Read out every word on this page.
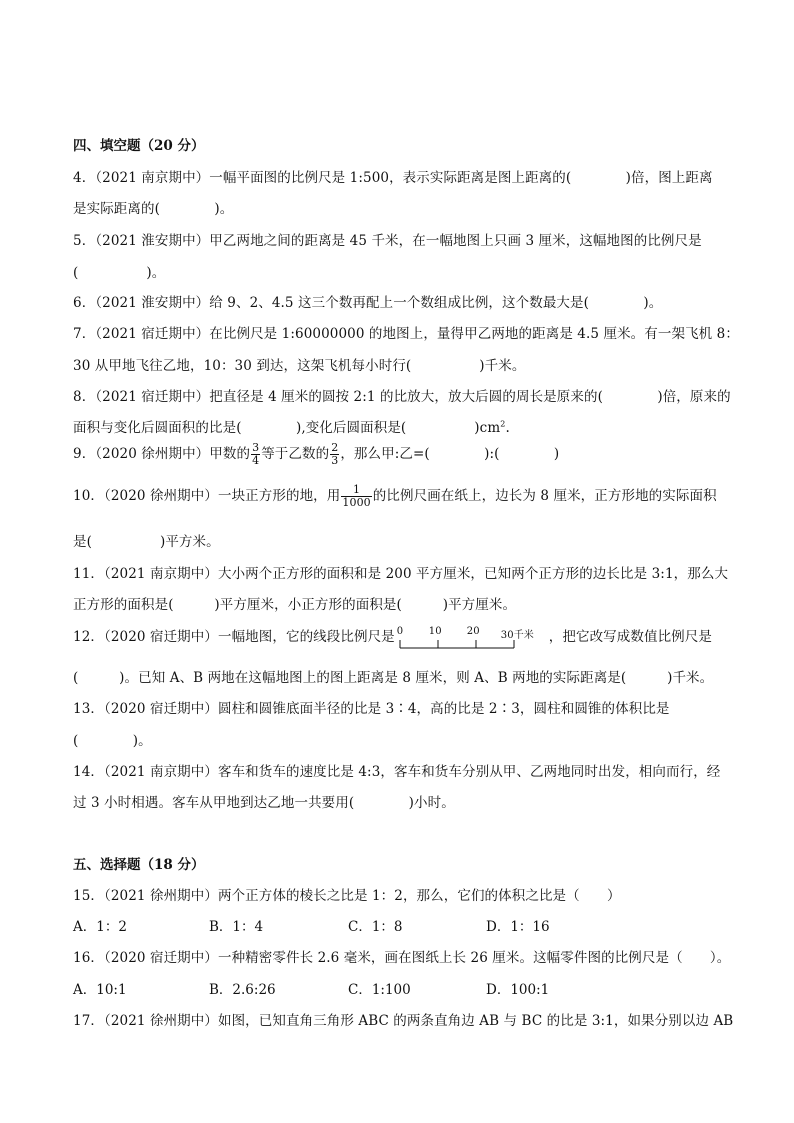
四、填空题（20 分）
4．（2021 南京期中）一幅平面图的比例尺是 1:500，表示实际距离是图上距离的(　　　　)倍，图上距离
是实际距离的(　　　　)。
5．（2021 淮安期中）甲乙两地之间的距离是 45 千米，在一幅地图上只画 3 厘米，这幅地图的比例尺是
(　　　　　)。
6．（2021 淮安期中）给 9、2、4.5 这三个数再配上一个数组成比例，这个数最大是(　　　　)。
7．（2021 宿迁期中）在比例尺是 1:60000000 的地图上，量得甲乙两地的距离是 4.5 厘米。有一架飞机 8：
30 从甲地飞往乙地，10：30 到达，这架飞机每小时行(　　　　　)千米。
8．（2021 宿迁期中）把直径是 4 厘米的圆按 2:1 的比放大，放大后圆的周长是原来的(　　　　)倍，原来的
面积与变化后圆面积的比是(　　　　),变化后圆面积是(　　　　　)$cm^2$.
9．（2020 徐州期中）甲数的 $\frac{3}{4}$ 等于乙数的 $\frac{2}{3}$ ，那么甲:乙=(　　　　):(　　　　)
10．（2020 徐州期中）一块正方形的地，用 $\frac{1}{1000}$ 的比例尺画在纸上，边长为 8 厘米，正方形地的实际面积
是(　　　　　)平方米。
11．（2021 南京期中）大小两个正方形的面积和是 200 平方厘米，已知两个正方形的边长比是 3:1，那么大
正方形的面积是(　　　)平方厘米，小正方形的面积是(　　　)平方厘米。
12．（2020 宿迁期中）一幅地图，它的线段比例尺是 0	10	20 30千米 ，把它改写成数值比例尺是
(　　　)。已知 A、B 两地在这幅地图上的图上距离是 8 厘米，则 A、B 两地的实际距离是(　　　)千米。
13．（2020 宿迁期中）圆柱和圆锥底面半径的比是 3∶4，高的比是 2∶3，圆柱和圆锥的体积比是
(　　　　)。
14．（2021 南京期中）客车和货车的速度比是 4:3，客车和货车分别从甲、乙两地同时出发，相向而行，经
过 3 小时相遇。客车从甲地到达乙地一共要用(　　　　)小时。
五、选择题（18 分）
15．（2021 徐州期中）两个正方体的棱长之比是 1：2，那么，它们的体积之比是（　　）
A．1：2	B．1：4	C．1：8	D．1：16
16．（2020 宿迁期中）一种精密零件长 2.6 毫米，画在图纸上长 26 厘米。这幅零件图的比例尺是（　　）。
A．10:1	B．2.6:26	C．1:100	D．100:1
17．（2021 徐州期中）如图，已知直角三角形 ABC 的两条直角边 AB 与 BC 的比是 3:1，如果分别以边 AB
